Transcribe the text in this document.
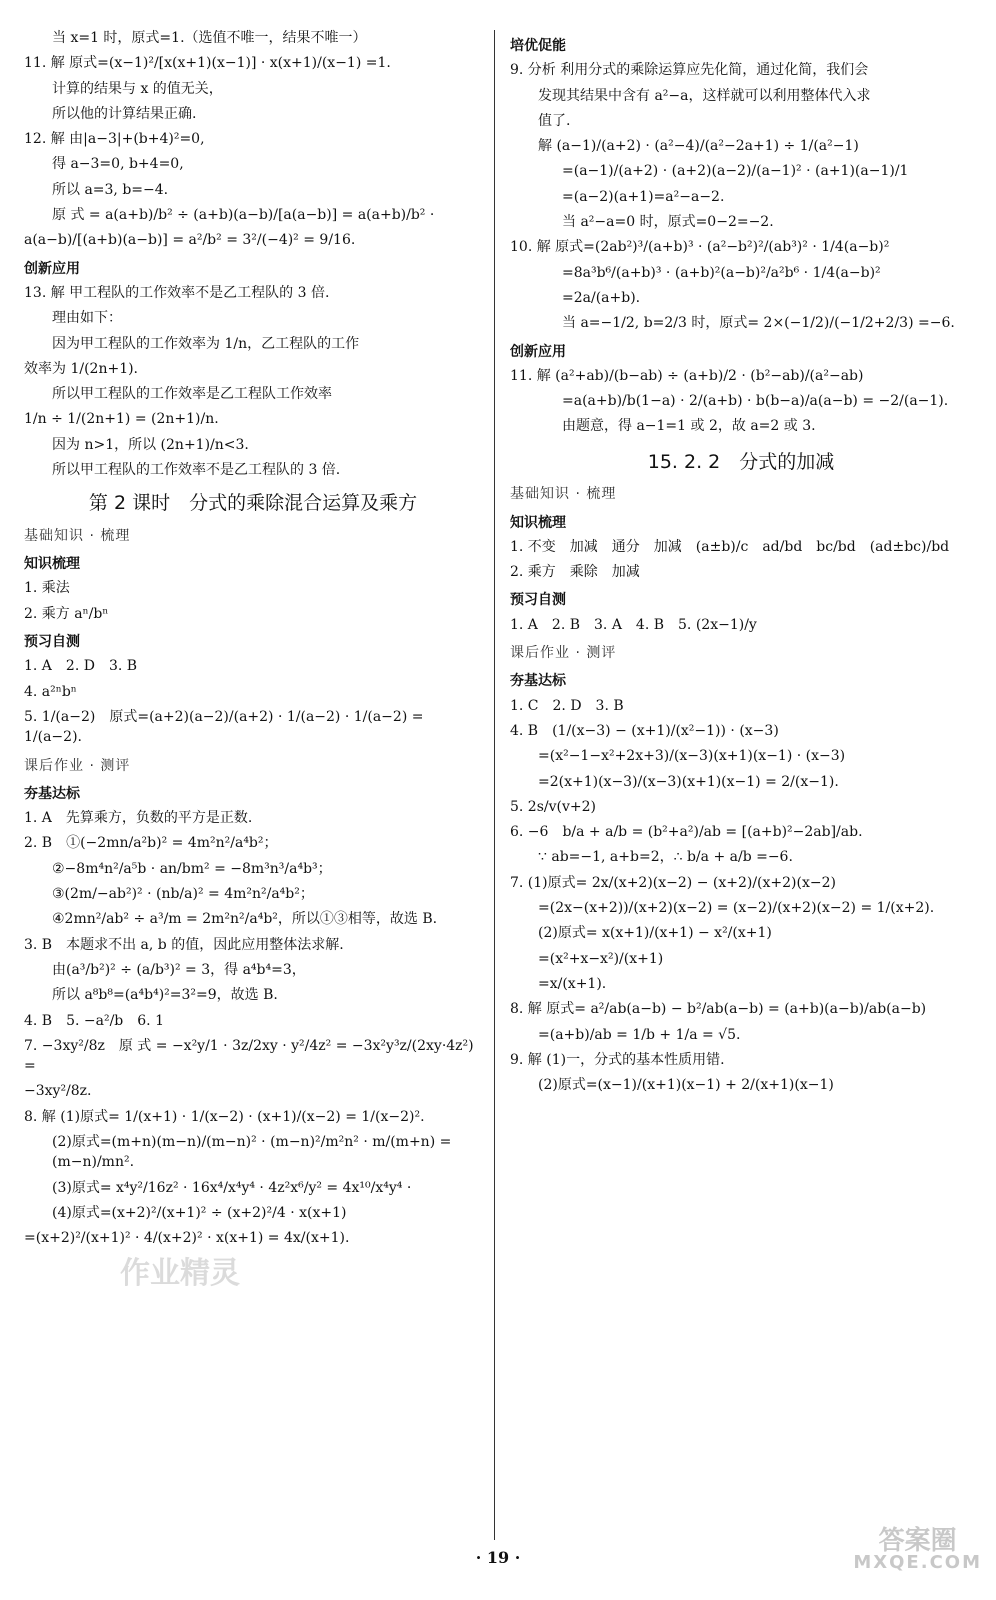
当 x=1 时，原式=1.（选值不唯一，结果不唯一）
11. 解 原式=(x−1)²/[x(x+1)(x−1)] · x(x+1)/(x−1) =1.
计算的结果与 x 的值无关，
所以他的计算结果正确.
12. 解 由|a−3|+(b+4)²=0,
得 a−3=0, b+4=0,
所以 a=3, b=−4.
原 式 = a(a+b)/b² ÷ (a+b)(a−b)/[a(a−b)] = a(a+b)/b² ·
a(a−b)/[(a+b)(a−b)] = a²/b² = 3²/(−4)² = 9/16.
创新应用
13. 解 甲工程队的工作效率不是乙工程队的 3 倍.
理由如下：
因为甲工程队的工作效率为 1/n，乙工程队的工作
效率为 1/(2n+1).
所以甲工程队的工作效率是乙工程队工作效率
1/n ÷ 1/(2n+1) = (2n+1)/n.
因为 n>1，所以 (2n+1)/n<3.
所以甲工程队的工作效率不是乙工程队的 3 倍.
第 2 课时　分式的乘除混合运算及乘方
基础知识 · 梳理
知识梳理
1. 乘法
2. 乘方 aⁿ/bⁿ
预习自测
1. A　2. D　3. B
4. a²ⁿbⁿ
5. 1/(a−2)　原式=(a+2)(a−2)/(a+2) · 1/(a−2) · 1/(a−2) = 1/(a−2).
课后作业 · 测评
夯基达标
1. A　先算乘方，负数的平方是正数.
2. B　①(−2mn/a²b)² = 4m²n²/a⁴b²；
②−8m⁴n²/a⁵b · an/bm² = −8m³n³/a⁴b³；
③(2m/−ab²)² · (nb/a)² = 4m²n²/a⁴b²；
④2mn²/ab² ÷ a³/m = 2m²n²/a⁴b²，所以①③相等，故选 B.
3. B　本题求不出 a, b 的值，因此应用整体法求解.
由(a³/b²)² ÷ (a/b³)² = 3，得 a⁴b⁴=3，
所以 a⁸b⁸=(a⁴b⁴)²=3²=9，故选 B.
4. B　5. −a²/b　6. 1
7. −3xy²/8z　原 式 = −x²y/1 · 3z/2xy · y²/4z² = −3x²y³z/(2xy·4z²) =
−3xy²/8z.
8. 解 (1)原式= 1/(x+1) · 1/(x−2) · (x+1)/(x−2) = 1/(x−2)².
(2)原式=(m+n)(m−n)/(m−n)² · (m−n)²/m²n² · m/(m+n) = (m−n)/mn².
(3)原式= x⁴y²/16z² · 16x⁴/x⁴y⁴ · 4z²x⁶/y² = 4x¹⁰/x⁴y⁴ ·
(4)原式=(x+2)²/(x+1)² ÷ (x+2)²/4 · x(x+1)
=(x+2)²/(x+1)² · 4/(x+2)² · x(x+1) = 4x/(x+1).
培优促能
9. 分析 利用分式的乘除运算应先化简，通过化简，我们会
发现其结果中含有 a²−a，这样就可以利用整体代入求
值了.
解 (a−1)/(a+2) · (a²−4)/(a²−2a+1) ÷ 1/(a²−1)
=(a−1)/(a+2) · (a+2)(a−2)/(a−1)² · (a+1)(a−1)/1
=(a−2)(a+1)=a²−a−2.
当 a²−a=0 时，原式=0−2=−2.
10. 解 原式=(2ab²)³/(a+b)³ · (a²−b²)²/(ab³)² · 1/4(a−b)²
=8a³b⁶/(a+b)³ · (a+b)²(a−b)²/a²b⁶ · 1/4(a−b)²
=2a/(a+b).
当 a=−1/2, b=2/3 时，原式= 2×(−1/2)/(−1/2+2/3) =−6.
创新应用
11. 解 (a²+ab)/(b−ab) ÷ (a+b)/2 · (b²−ab)/(a²−ab)
=a(a+b)/b(1−a) · 2/(a+b) · b(b−a)/a(a−b) = −2/(a−1).
由题意，得 a−1=1 或 2，故 a=2 或 3.
15. 2. 2　分式的加减
基础知识 · 梳理
知识梳理
1. 不变　加减　通分　加减　(a±b)/c　ad/bd　bc/bd　(ad±bc)/bd
2. 乘方　乘除　加减
预习自测
1. A　2. B　3. A　4. B　5. (2x−1)/y
课后作业 · 测评
夯基达标
1. C　2. D　3. B
4. B　(1/(x−3) − (x+1)/(x²−1)) · (x−3)
=(x²−1−x²+2x+3)/(x−3)(x+1)(x−1) · (x−3)
=2(x+1)(x−3)/(x−3)(x+1)(x−1) = 2/(x−1).
5. 2s/v(v+2)
6. −6　b/a + a/b = (b²+a²)/ab = [(a+b)²−2ab]/ab.
∵ ab=−1, a+b=2，∴ b/a + a/b =−6.
7. (1)原式= 2x/(x+2)(x−2) − (x+2)/(x+2)(x−2)
=(2x−(x+2))/(x+2)(x−2) = (x−2)/(x+2)(x−2) = 1/(x+2).
(2)原式= x(x+1)/(x+1) − x²/(x+1)
=(x²+x−x²)/(x+1)
=x/(x+1).
8. 解 原式= a²/ab(a−b) − b²/ab(a−b) = (a+b)(a−b)/ab(a−b)
=(a+b)/ab = 1/b + 1/a = √5.
9. 解 (1)一，分式的基本性质用错.
(2)原式=(x−1)/(x+1)(x−1) + 2/(x+1)(x−1)
作业精灵
· 19 ·
答案圈
MXQE.COM
